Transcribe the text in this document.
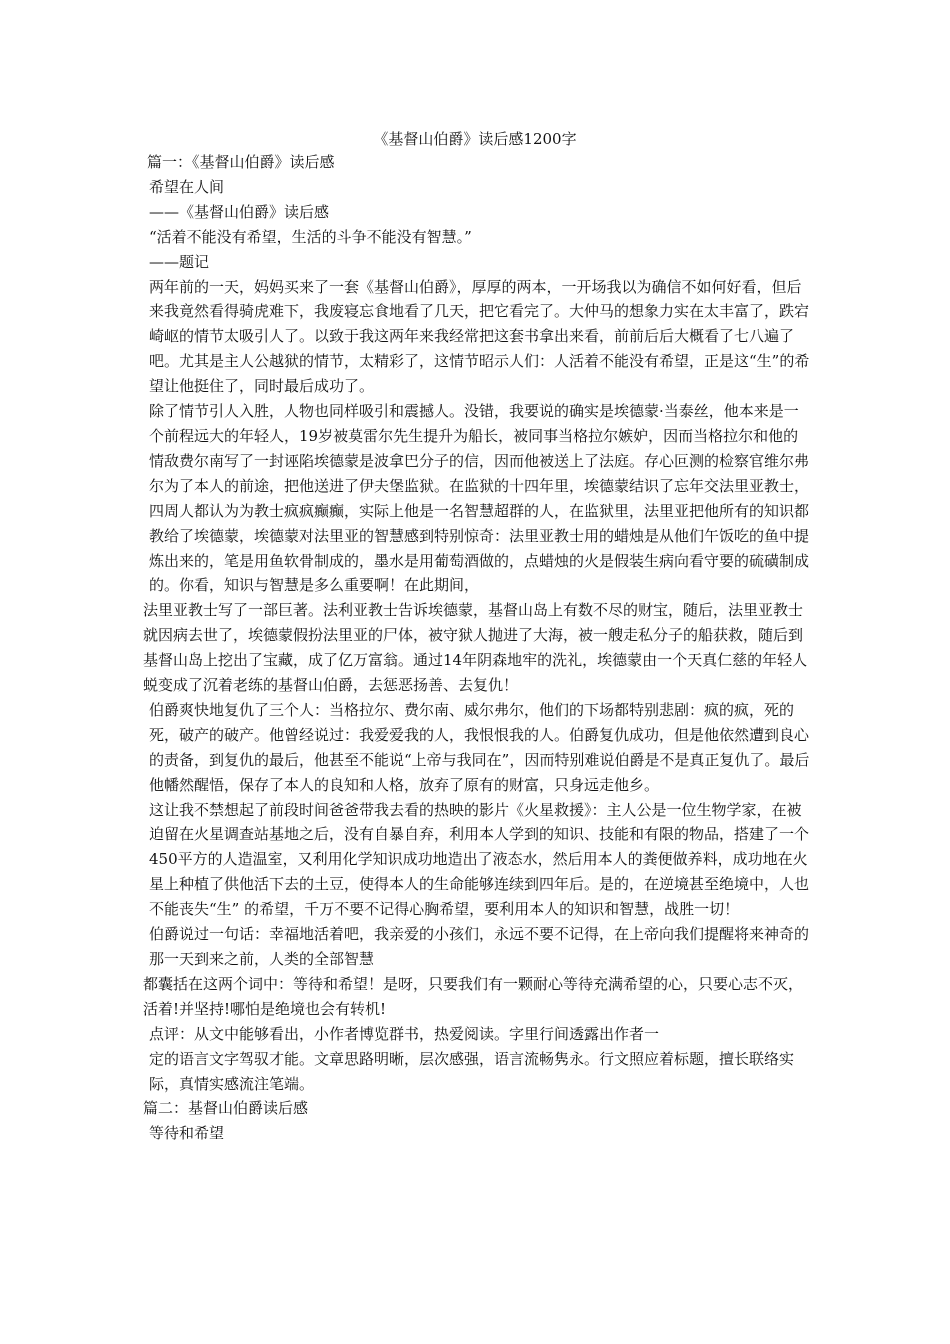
《基督山伯爵》读后感1200字

篇一：《基督山伯爵》读后感

希望在人间

——《基督山伯爵》读后感

“活着不能没有希望，生活的斗争不能没有智慧。”

——题记

两年前的一天，妈妈买来了一套《基督山伯爵》，厚厚的两本，一开场我以为确信不如何好看，但后来我竟然看得骑虎难下，我废寝忘食地看了几天，把它看完了。大仲马的想象力实在太丰富了，跌宕崎岖的情节太吸引人了。以致于我这两年来我经常把这套书拿出来看，前前后后大概看了七八遍了吧。尤其是主人公越狱的情节，太精彩了，这情节昭示人们：人活着不能没有希望，正是这“生”的希望让他挺住了，同时最后成功了。

除了情节引人入胜，人物也同样吸引和震撼人。没错，我要说的确实是埃德蒙·当泰丝，他本来是一个前程远大的年轻人，19岁被莫雷尔先生提升为船长，被同事当格拉尔嫉妒，因而当格拉尔和他的情敌费尔南写了一封诬陷埃德蒙是波拿巴分子的信，因而他被送上了法庭。存心叵测的检察官维尔弗尔为了本人的前途，把他送进了伊夫堡监狱。在监狱的十四年里，埃德蒙结识了忘年交法里亚教士，四周人都认为为教士疯疯癫癫，实际上他是一名智慧超群的人，在监狱里，法里亚把他所有的知识都教给了埃德蒙，埃德蒙对法里亚的智慧感到特别惊奇：法里亚教士用的蜡烛是从他们午饭吃的鱼中提炼出来的，笔是用鱼软骨制成的，墨水是用葡萄酒做的，点蜡烛的火是假装生病向看守要的硫磺制成的。你看，知识与智慧是多么重要啊！在此期间，

法里亚教士写了一部巨著。法利亚教士告诉埃德蒙，基督山岛上有数不尽的财宝，随后，法里亚教士就因病去世了，埃德蒙假扮法里亚的尸体，被守狱人抛进了大海，被一艘走私分子的船获救，随后到基督山岛上挖出了宝藏，成了亿万富翁。通过14年阴森地牢的洗礼，埃德蒙由一个天真仁慈的年轻人蜕变成了沉着老练的基督山伯爵，去惩恶扬善、去复仇！

伯爵爽快地复仇了三个人：当格拉尔、费尔南、威尔弗尔，他们的下场都特别悲剧：疯的疯，死的死，破产的破产。他曾经说过：我爱爱我的人，我恨恨我的人。伯爵复仇成功，但是他依然遭到良心的责备，到复仇的最后，他甚至不能说“上帝与我同在”，因而特别难说伯爵是不是真正复仇了。最后他幡然醒悟，保存了本人的良知和人格，放弃了原有的财富，只身远走他乡。

这让我不禁想起了前段时间爸爸带我去看的热映的影片《火星救援》：主人公是一位生物学家，在被迫留在火星调查站基地之后，没有自暴自弃，利用本人学到的知识、技能和有限的物品，搭建了一个450平方的人造温室，又利用化学知识成功地造出了液态水，然后用本人的粪便做养料，成功地在火星上种植了供他活下去的土豆，使得本人的生命能够连续到四年后。是的，在逆境甚至绝境中，人也不能丧失“生” 的希望，千万不要不记得心胸希望，要利用本人的知识和智慧，战胜一切！

伯爵说过一句话：幸福地活着吧，我亲爱的小孩们，永远不要不记得，在上帝向我们提醒将来神奇的那一天到来之前，人类的全部智慧

都囊括在这两个词中：等待和希望！是呀，只要我们有一颗耐心等待充满希望的心，只要心志不灭，活着!并坚持!哪怕是绝境也会有转机!

点评：从文中能够看出，小作者博览群书，热爱阅读。字里行间透露出作者一

定的语言文字驾驭才能。文章思路明晰，层次感强，语言流畅隽永。行文照应着标题，擅长联络实际，真情实感流注笔端。

篇二：基督山伯爵读后感

等待和希望
